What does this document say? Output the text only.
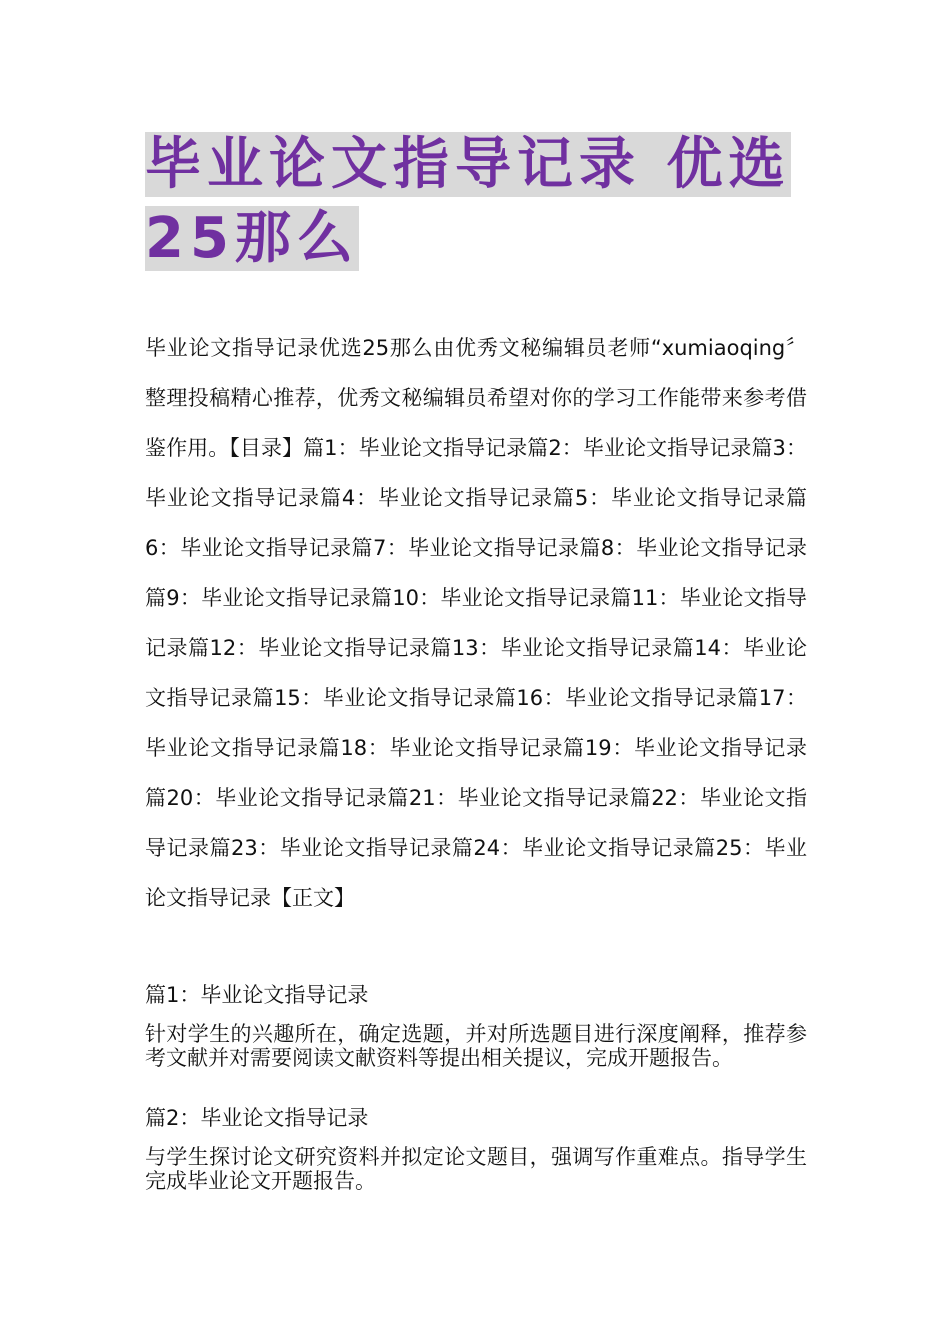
毕业论文指导记录 优选25那么
毕业论文指导记录优选25那么由优秀文秘编辑员老师“xumiaoqing〞整理投稿精心推荐，优秀文秘编辑员希望对你的学习工作能带来参考借鉴作用。【目录】篇1：毕业论文指导记录篇2：毕业论文指导记录篇3：毕业论文指导记录篇4：毕业论文指导记录篇5：毕业论文指导记录篇6：毕业论文指导记录篇7：毕业论文指导记录篇8：毕业论文指导记录篇9：毕业论文指导记录篇10：毕业论文指导记录篇11：毕业论文指导记录篇12：毕业论文指导记录篇13：毕业论文指导记录篇14：毕业论文指导记录篇15：毕业论文指导记录篇16：毕业论文指导记录篇17：毕业论文指导记录篇18：毕业论文指导记录篇19：毕业论文指导记录篇20：毕业论文指导记录篇21：毕业论文指导记录篇22：毕业论文指导记录篇23：毕业论文指导记录篇24：毕业论文指导记录篇25：毕业论文指导记录【正文】
篇1：毕业论文指导记录
针对学生的兴趣所在，确定选题，并对所选题目进行深度阐释，推荐参考文献并对需要阅读文献资料等提出相关提议，完成开题报告。
篇2：毕业论文指导记录
与学生探讨论文研究资料并拟定论文题目，强调写作重难点。指导学生完成毕业论文开题报告。
